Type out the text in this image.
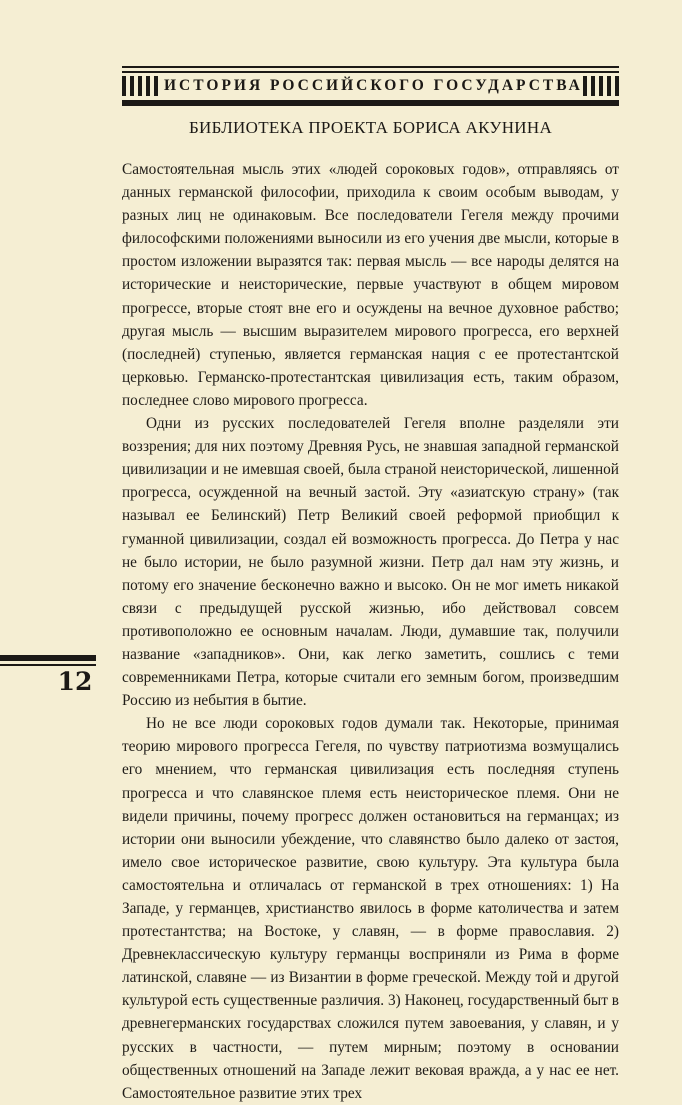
ИСТОРИЯ РОССИЙСКОГО ГОСУДАРСТВА
БИБЛИОТЕКА ПРОЕКТА БОРИСА АКУНИНА
12

Самостоятельная мысль этих «людей сороковых годов», отправляясь от данных германской философии, приходила к своим особым выводам, у разных лиц не одинаковым. Все последователи Гегеля между прочими философскими положениями выносили из его учения две мысли, которые в простом изложении выразятся так: первая мысль — все народы делятся на исторические и неисторические, первые участвуют в общем мировом прогрессе, вторые стоят вне его и осуждены на вечное духовное рабство; другая мысль — высшим выразителем мирового прогресса, его верхней (последней) ступенью, является германская нация с ее протестантской церковью. Германско-протестантская цивилизация есть, таким образом, последнее слово мирового прогресса.

Одни из русских последователей Гегеля вполне разделяли эти воззрения; для них поэтому Древняя Русь, не знавшая западной германской цивилизации и не имевшая своей, была страной неисторической, лишенной прогресса, осужденной на вечный застой. Эту «азиатскую страну» (так называл ее Белинский) Петр Великий своей реформой приобщил к гуманной цивилизации, создал ей возможность прогресса. До Петра у нас не было истории, не было разумной жизни. Петр дал нам эту жизнь, и потому его значение бесконечно важно и высоко. Он не мог иметь никакой связи с предыдущей русской жизнью, ибо действовал совсем противоположно ее основным началам. Люди, думавшие так, получили название «западников». Они, как легко заметить, сошлись с теми современниками Петра, которые считали его земным богом, произведшим Россию из небытия в бытие.

Но не все люди сороковых годов думали так. Некоторые, принимая теорию мирового прогресса Гегеля, по чувству патриотизма возмущались его мнением, что германская цивилизация есть последняя ступень прогресса и что славянское племя есть неисторическое племя. Они не видели причины, почему прогресс должен остановиться на германцах; из истории они выносили убеждение, что славянство было далеко от застоя, имело свое историческое развитие, свою культуру. Эта культура была самостоятельна и отличалась от германской в трех отношениях: 1) На Западе, у германцев, христианство явилось в форме католичества и затем протестантства; на Востоке, у славян, — в форме православия. 2) Древнеклассическую культуру германцы восприняли из Рима в форме латинской, славяне — из Византии в форме греческой. Между той и другой культурой есть существенные различия. 3) Наконец, государственный быт в древнегерманских государствах сложился путем завоевания, у славян, и у русских в частности, — путем мирным; поэтому в основании общественных отношений на Западе лежит вековая вражда, а у нас ее нет. Самостоятельное развитие этих трех
